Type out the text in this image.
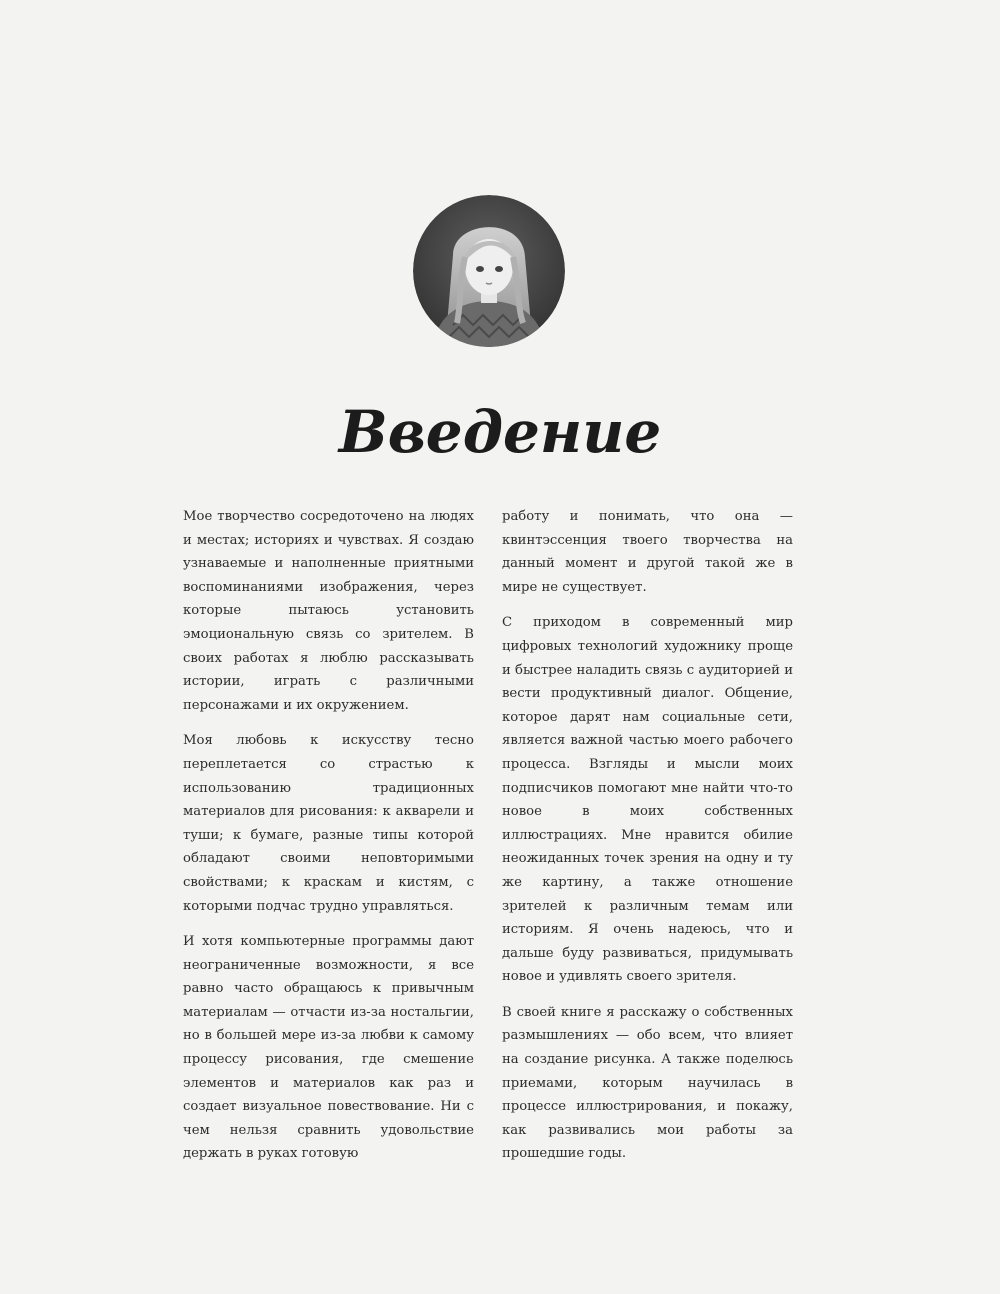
Введение

Мое творчество сосредоточено на людях и местах; историях и чувствах. Я создаю узнаваемые и наполненные приятными воспоминаниями изображения, через которые пытаюсь установить эмоциональную связь со зрителем. В своих работах я люблю рассказывать истории, играть с различными персонажами и их окружением.

Моя любовь к искусству тесно переплетается со страстью к использованию традиционных материалов для рисования: к акварели и туши; к бумаге, разные типы которой обладают своими неповторимыми свойствами; к краскам и кистям, с которыми подчас трудно управляться.

И хотя компьютерные программы дают неограниченные возможности, я все равно часто обращаюсь к привычным материалам — отчасти из-за ностальгии, но в большей мере из-за любви к самому процессу рисования, где смешение элементов и материалов как раз и создает визуальное повествование. Ни с чем нельзя сравнить удовольствие держать в руках готовую

работу и понимать, что она — квинтэссенция твоего творчества на данный момент и другой такой же в мире не существует.

С приходом в современный мир цифровых технологий художнику проще и быстрее наладить связь с аудиторией и вести продуктивный диалог. Общение, которое дарят нам социальные сети, является важной частью моего рабочего процесса. Взгляды и мысли моих подписчиков помогают мне найти что-то новое в моих собственных иллюстрациях. Мне нравится обилие неожиданных точек зрения на одну и ту же картину, а также отношение зрителей к различным темам или историям. Я очень надеюсь, что и дальше буду развиваться, придумывать новое и удивлять своего зрителя.

В своей книге я расскажу о собственных размышлениях — обо всем, что влияет на создание рисунка. А также поделюсь приемами, которым научилась в процессе иллюстрирования, и покажу, как развивались мои работы за прошедшие годы.
